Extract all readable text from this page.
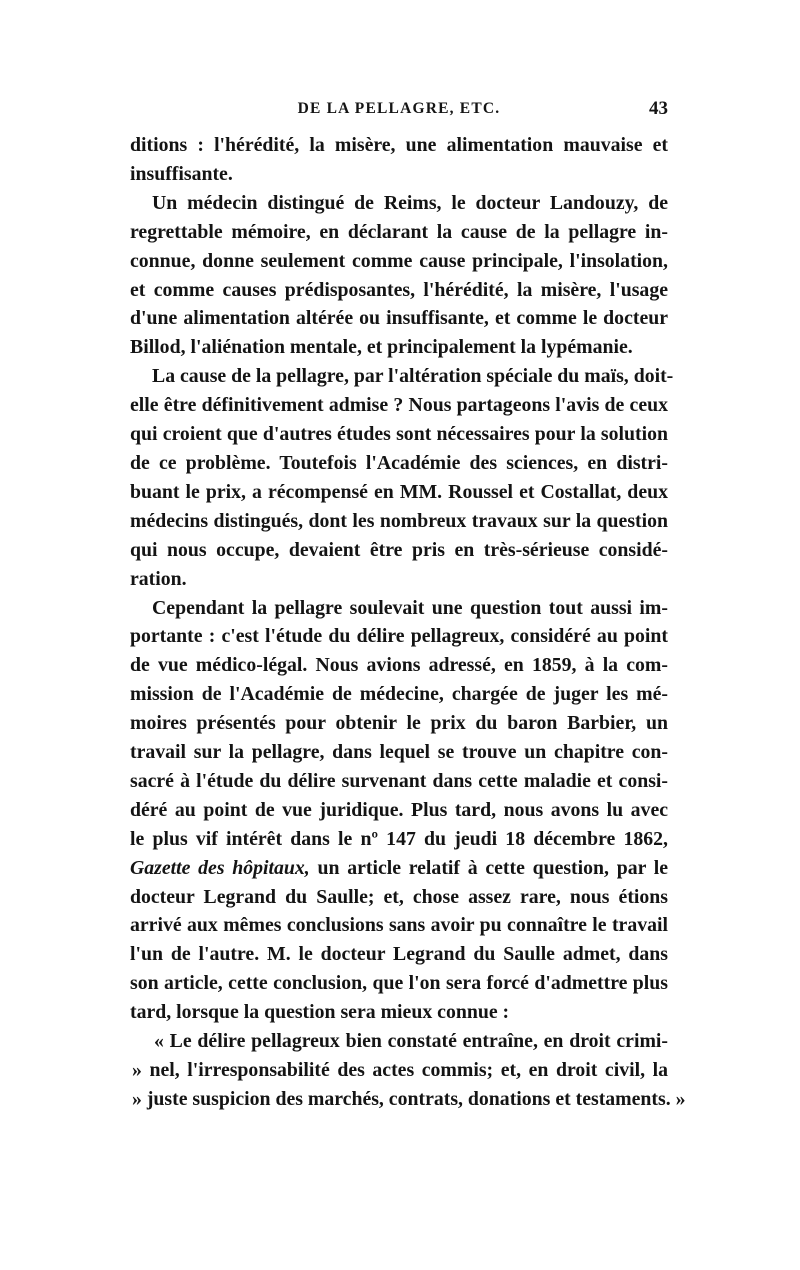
DE LA PELLAGRE, ETC.	43
ditions : l'hérédité, la misère, une alimentation mauvaise et
insuffisante.
Un médecin distingué de Reims, le docteur Landouzy, de
regrettable mémoire, en déclarant la cause de la pellagre in-
connue, donne seulement comme cause principale, l'insolation,
et comme causes prédisposantes, l'hérédité, la misère, l'usage
d'une alimentation altérée ou insuffisante, et comme le docteur
Billod, l'aliénation mentale, et principalement la lypémanie.
La cause de la pellagre, par l'altération spéciale du maïs, doit-
elle être définitivement admise ? Nous partageons l'avis de ceux
qui croient que d'autres études sont nécessaires pour la solution
de ce problème. Toutefois l'Académie des sciences, en distri-
buant le prix, a récompensé en MM. Roussel et Costallat, deux
médecins distingués, dont les nombreux travaux sur la question
qui nous occupe, devaient être pris en très-sérieuse considé-
ration.
Cependant la pellagre soulevait une question tout aussi im-
portante : c'est l'étude du délire pellagreux, considéré au point
de vue médico-légal. Nous avions adressé, en 1859, à la com-
mission de l'Académie de médecine, chargée de juger les mé-
moires présentés pour obtenir le prix du baron Barbier, un
travail sur la pellagre, dans lequel se trouve un chapitre con-
sacré à l'étude du délire survenant dans cette maladie et consi-
déré au point de vue juridique. Plus tard, nous avons lu avec
le plus vif intérêt dans le nº 147 du jeudi 18 décembre 1862,
Gazette des hôpitaux, un article relatif à cette question, par le
docteur Legrand du Saulle; et, chose assez rare, nous étions
arrivé aux mêmes conclusions sans avoir pu connaître le travail
l'un de l'autre. M. le docteur Legrand du Saulle admet, dans
son article, cette conclusion, que l'on sera forcé d'admettre plus
tard, lorsque la question sera mieux connue :
« Le délire pellagreux bien constaté entraîne, en droit crimi-
» nel, l'irresponsabilité des actes commis; et, en droit civil, la
» juste suspicion des marchés, contrats, donations et testaments. »
